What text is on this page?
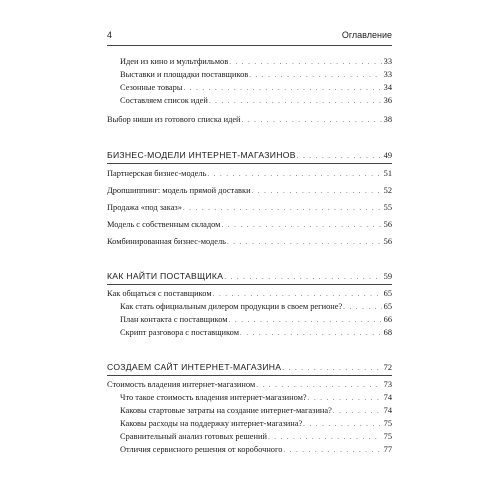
4	Оглавление
Идеи из кино и мультфильмов . . .	33
Выставки и площадки поставщиков . . .	33
Сезонные товары . . .	34
Составляем список идей . . .	36
Выбор ниши из готового списка идей . . .	38
БИЗНЕС-МОДЕЛИ ИНТЕРНЕТ-МАГАЗИНОВ . . .	49
Партнерская бизнес-модель . . .	51
Дропшиппинг: модель прямой доставки . . .	52
Продажа «под заказ» . . .	55
Модель с собственным складом . . .	56
Комбинированная бизнес-модель . . .	56
КАК НАЙТИ ПОСТАВЩИКА . . .	59
Как общаться с поставщиком . . .	65
Как стать официальным дилером продукции в своем регионе? . . .	65
План контакта с поставщиком . . .	66
Скрипт разговора с поставщиком . . .	68
СОЗДАЕМ САЙТ ИНТЕРНЕТ-МАГАЗИНА . . .	72
Стоимость владения интернет-магазином . . .	73
Что такое стоимость владения интернет-магазином? . . .	74
Каковы стартовые затраты на создание интернет-магазина? . . .	74
Каковы расходы на поддержку интернет-магазина? . . .	75
Сравнительный анализ готовых решений . . .	75
Отличия сервисного решения от коробочного . . .	77
